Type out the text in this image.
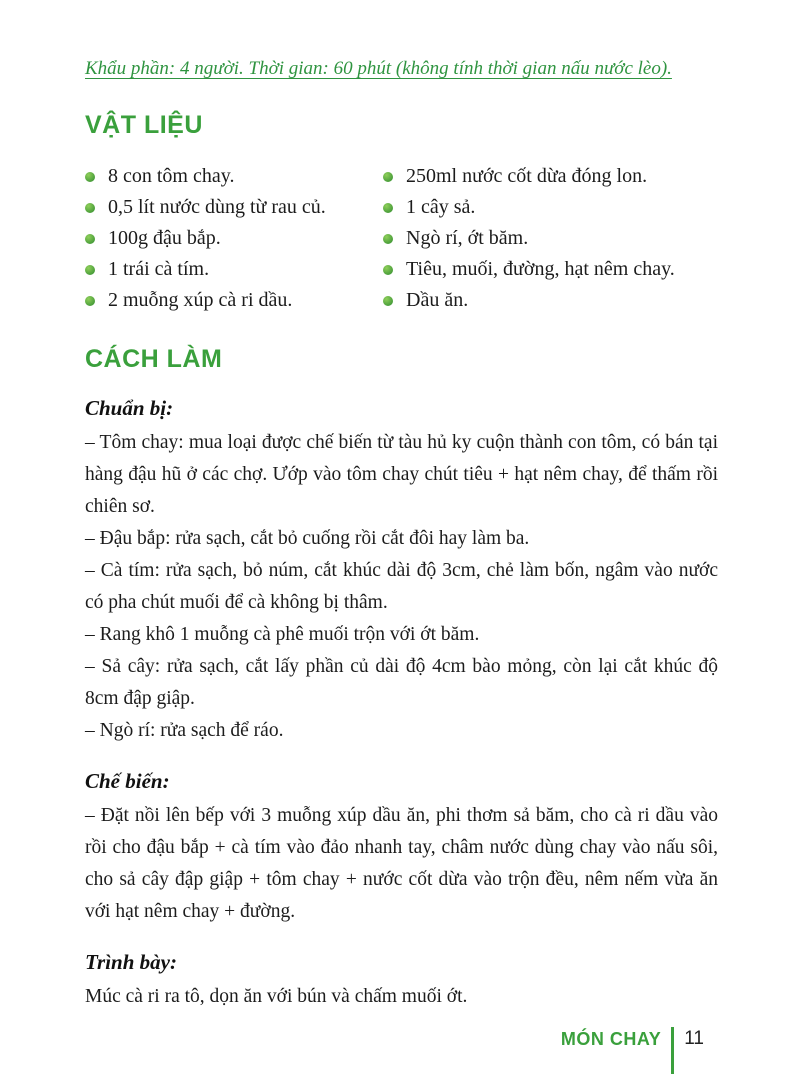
Khẩu phần: 4 người. Thời gian: 60 phút (không tính thời gian nấu nước lèo).

VẬT LIỆU
8 con tôm chay.
0,5 lít nước dùng từ rau củ.
100g đậu bắp.
1 trái cà tím.
2 muỗng xúp cà ri dầu.
250ml nước cốt dừa đóng lon.
1 cây sả.
Ngò rí, ớt băm.
Tiêu, muối, đường, hạt nêm chay.
Dầu ăn.
CÁCH LÀM
Chuẩn bị:

– Tôm chay: mua loại được chế biến từ tàu hủ ky cuộn thành con tôm, có bán tại hàng đậu hũ ở các chợ. Ướp vào tôm chay chút tiêu + hạt nêm chay, để thấm rồi chiên sơ.

– Đậu bắp: rửa sạch, cắt bỏ cuống rồi cắt đôi hay làm ba.

– Cà tím: rửa sạch, bỏ núm, cắt khúc dài độ 3cm, chẻ làm bốn, ngâm vào nước có pha chút muối để cà không bị thâm.

– Rang khô 1 muỗng cà phê muối trộn với ớt băm.

– Sả cây: rửa sạch, cắt lấy phần củ dài độ 4cm bào mỏng, còn lại cắt khúc độ 8cm đập giập.

– Ngò rí: rửa sạch để ráo.

Chế biến:

– Đặt nồi lên bếp với 3 muỗng xúp dầu ăn, phi thơm sả băm, cho cà ri dầu vào rồi cho đậu bắp + cà tím vào đảo nhanh tay, châm nước dùng chay vào nấu sôi, cho sả cây đập giập + tôm chay + nước cốt dừa vào trộn đều, nêm nếm vừa ăn với hạt nêm chay + đường.

Trình bày:

Múc cà ri ra tô, dọn ăn với bún và chấm muối ớt.

MÓN CHAY 11
